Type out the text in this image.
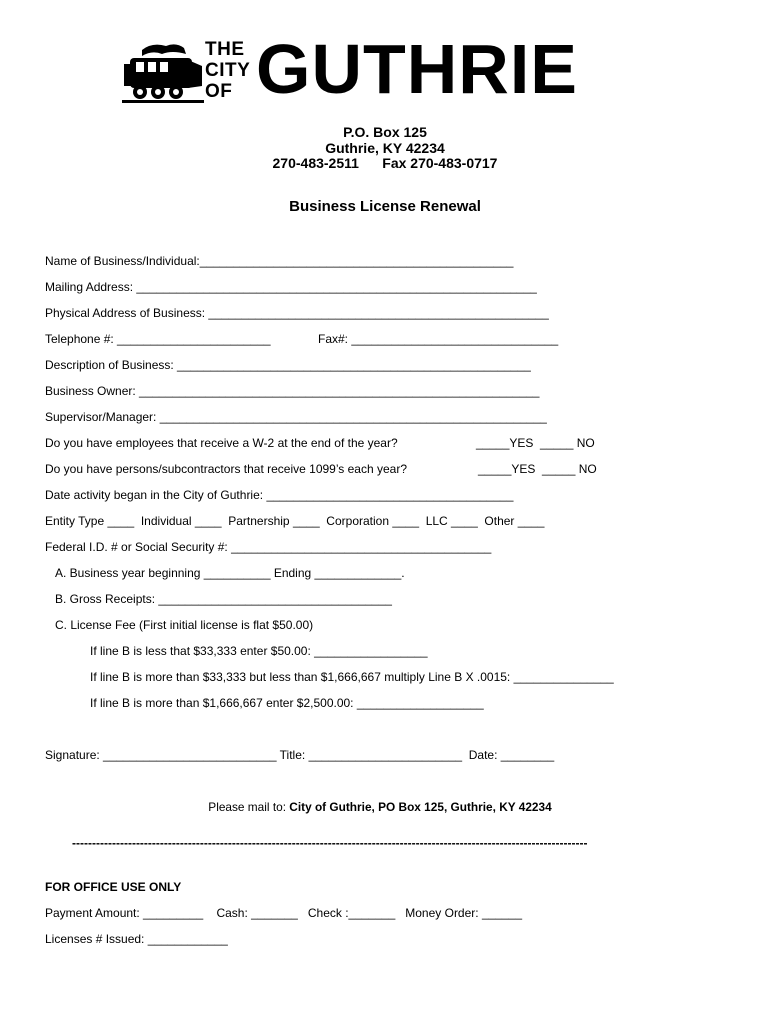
THE
CITY
OF GUTHRIE
P.O. Box 125
Guthrie, KY 42234
270-483-2511      Fax 270-483-0717
Business License Renewal
Name of Business/Individual:_______________________________________________
Mailing Address: ____________________________________________________________
Physical Address of Business: ___________________________________________________
Telephone #: _______________________	Fax#: _______________________________
Description of Business: _____________________________________________________
Business Owner: ____________________________________________________________
Supervisor/Manager: __________________________________________________________
Do you have employees that receive a W-2 at the end of the year?	_____YES  _____ NO
Do you have persons/subcontractors that receive 1099’s each year?	_____YES  _____ NO
Date activity began in the City of Guthrie: _____________________________________
Entity Type ____  Individual ____  Partnership ____  Corporation ____  LLC ____  Other ____
Federal I.D. # or Social Security #: _______________________________________
A. Business year beginning __________ Ending _____________.
B. Gross Receipts: ___________________________________
C. License Fee (First initial license is flat $50.00)
If line B is less that $33,333 enter $50.00: _________________
If line B is more than $33,333 but less than $1,666,667 multiply Line B X .0015: _______________
If line B is more than $1,666,667 enter $2,500.00: ___________________
Signature: __________________________ Title: _______________________  Date: ________
Please mail to: City of Guthrie, PO Box 125, Guthrie, KY 42234
---------------------------------------------------------------------------------------------------------------------------------
FOR OFFICE USE ONLY
Payment Amount: _________    Cash: _______   Check :_______   Money Order: ______
Licenses # Issued: ____________
